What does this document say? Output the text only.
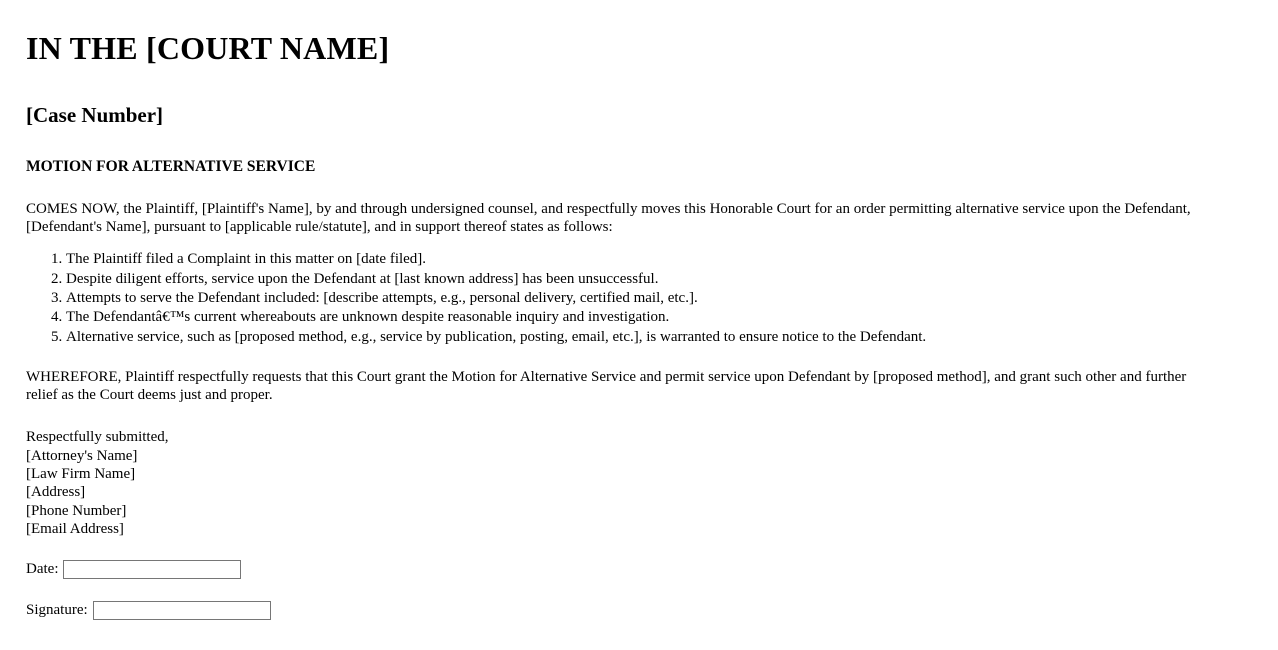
IN THE [COURT NAME]
[Case Number]
MOTION FOR ALTERNATIVE SERVICE

COMES NOW, the Plaintiff, [Plaintiff's Name], by and through undersigned counsel, and respectfully moves this Honorable Court for an order permitting alternative service upon the Defendant, [Defendant's Name], pursuant to [applicable rule/statute], and in support thereof states as follows:

1. The Plaintiff filed a Complaint in this matter on [date filed].
2. Despite diligent efforts, service upon the Defendant at [last known address] has been unsuccessful.
3. Attempts to serve the Defendant included: [describe attempts, e.g., personal delivery, certified mail, etc.].
4. The Defendantâ€™s current whereabouts are unknown despite reasonable inquiry and investigation.
5. Alternative service, such as [proposed method, e.g., service by publication, posting, email, etc.], is warranted to ensure notice to the Defendant.

WHEREFORE, Plaintiff respectfully requests that this Court grant the Motion for Alternative Service and permit service upon Defendant by [proposed method], and grant such other and further relief as the Court deems just and proper.

Respectfully submitted,
[Attorney's Name]
[Law Firm Name]
[Address]
[Phone Number]
[Email Address]
Date:
Signature:
